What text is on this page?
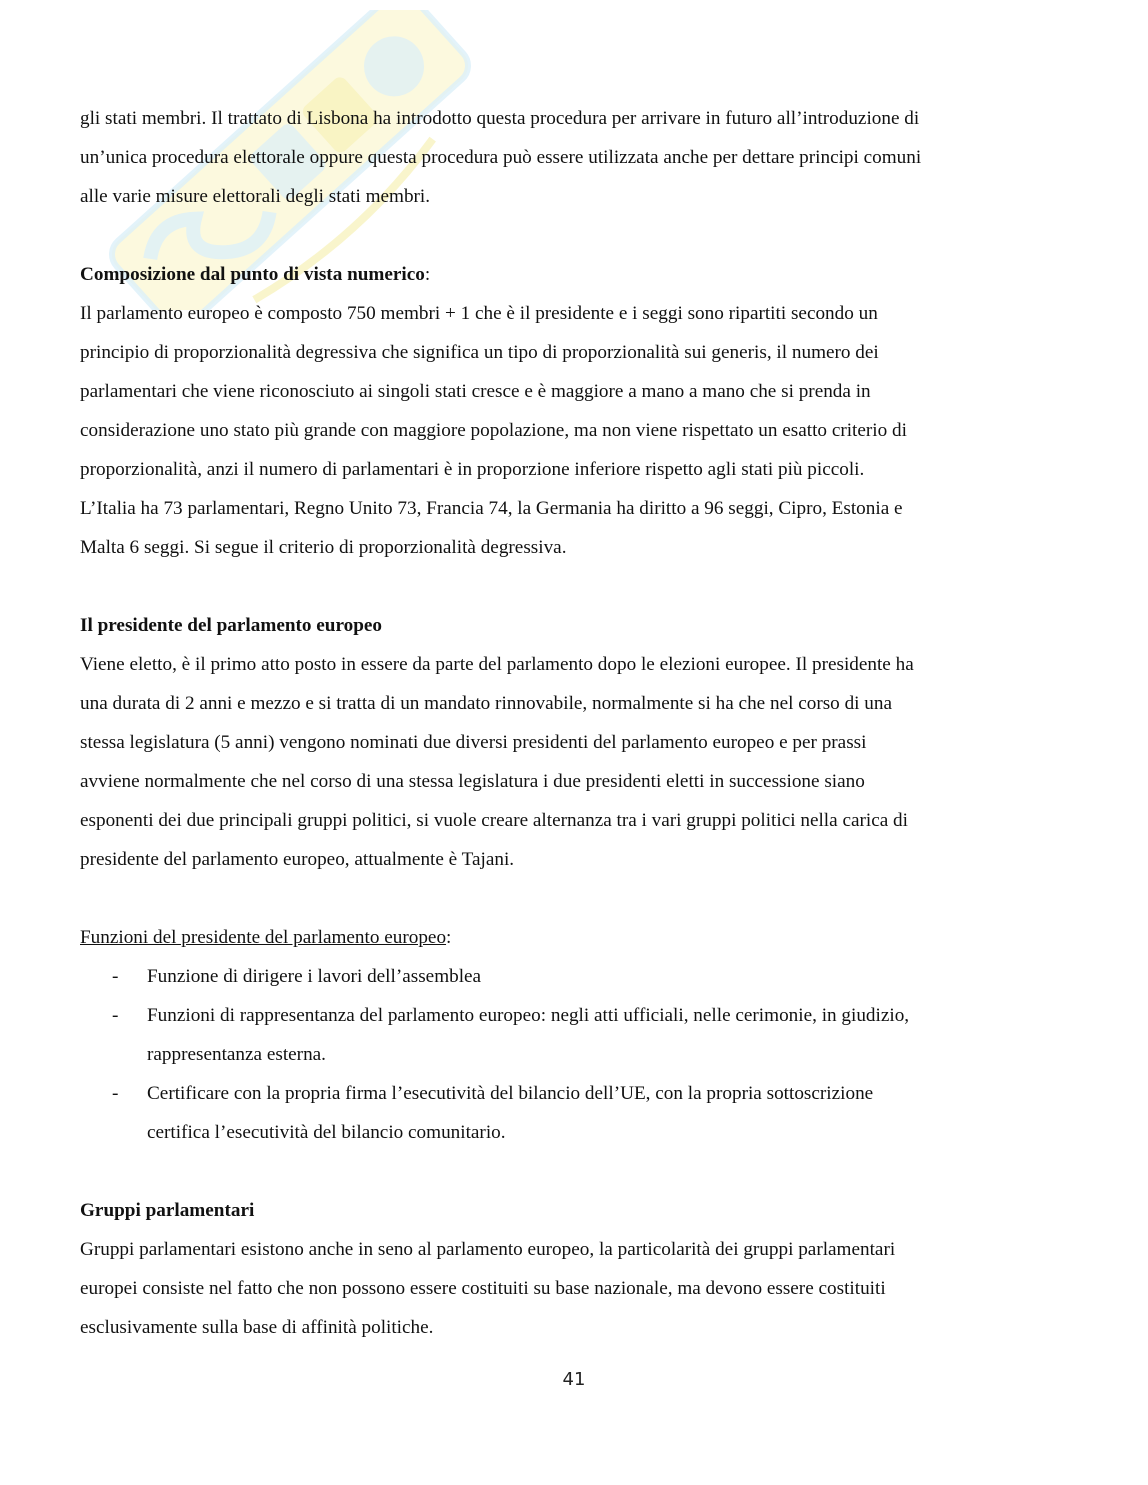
gli stati membri. Il trattato di Lisbona ha introdotto questa procedura per arrivare in futuro all’introduzione di

un’unica procedura elettorale oppure questa procedura può essere utilizzata anche per dettare principi comuni

alle varie misure elettorali degli stati membri.

Composizione dal punto di vista numerico:

Il parlamento europeo è composto 750 membri + 1 che è il presidente e i seggi sono ripartiti secondo un

principio di proporzionalità degressiva che significa un tipo di proporzionalità sui generis, il numero dei

parlamentari che viene riconosciuto ai singoli stati cresce e è maggiore a mano a mano che si prenda in

considerazione uno stato più grande con maggiore popolazione, ma non viene rispettato un esatto criterio di

proporzionalità, anzi il numero di parlamentari è in proporzione inferiore rispetto agli stati più piccoli.

L’Italia ha 73 parlamentari, Regno Unito 73, Francia 74, la Germania ha diritto a 96 seggi, Cipro, Estonia e

Malta 6 seggi. Si segue il criterio di proporzionalità degressiva.

Il presidente del parlamento europeo

Viene eletto, è il primo atto posto in essere da parte del parlamento dopo le elezioni europee. Il presidente ha

una durata di 2 anni e mezzo e si tratta di un mandato rinnovabile, normalmente si ha che nel corso di una

stessa legislatura (5 anni) vengono nominati due diversi presidenti del parlamento europeo e per prassi

avviene normalmente che nel corso di una stessa legislatura i due presidenti eletti in successione siano

esponenti dei due principali gruppi politici, si vuole creare alternanza tra i vari gruppi politici nella carica di

presidente del parlamento europeo, attualmente è Tajani.

Funzioni del presidente del parlamento europeo:

- Funzione di dirigere i lavori dell’assemblea

- Funzioni di rappresentanza del parlamento europeo: negli atti ufficiali, nelle cerimonie, in giudizio,

rappresentanza esterna.

- Certificare con la propria firma l’esecutività del bilancio dell’UE, con la propria sottoscrizione

certifica l’esecutività del bilancio comunitario.

Gruppi parlamentari

Gruppi parlamentari esistono anche in seno al parlamento europeo, la particolarità dei gruppi parlamentari

europei consiste nel fatto che non possono essere costituiti su base nazionale, ma devono essere costituiti

esclusivamente sulla base di affinità politiche.

41
